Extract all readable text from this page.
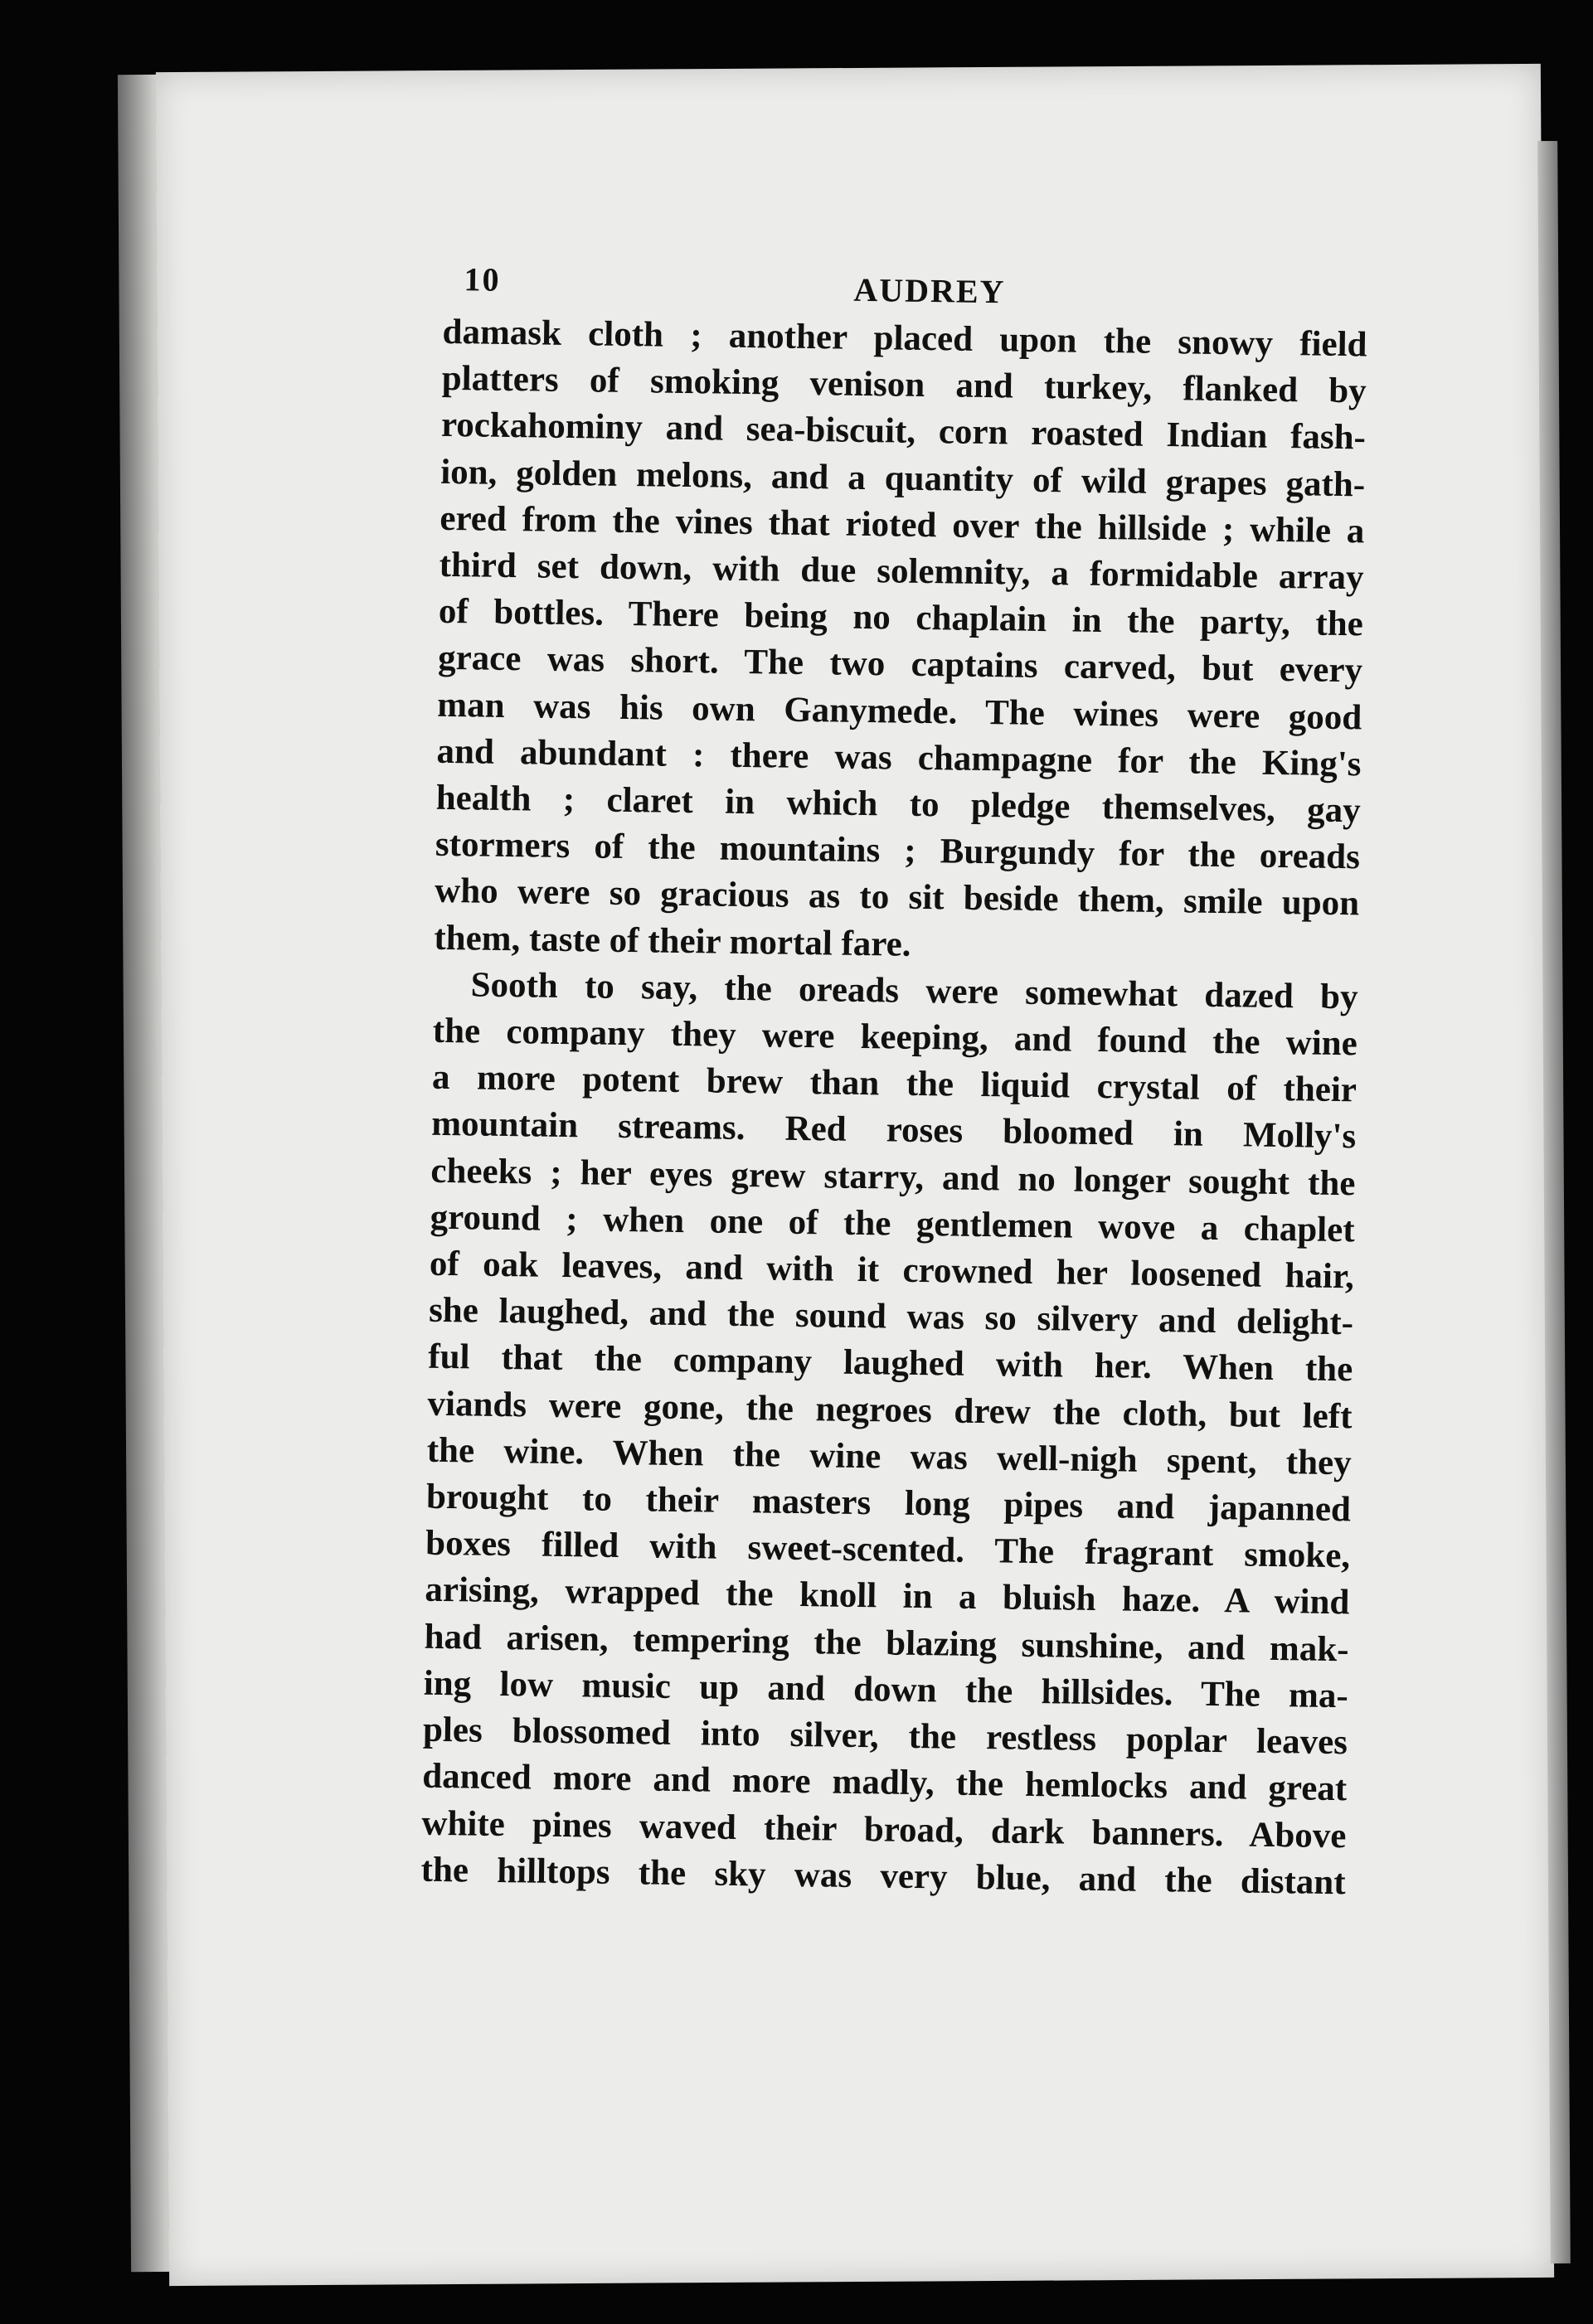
10	AUDREY
damask cloth ; another placed upon the snowy field
platters of smoking venison and turkey, flanked by
rockahominy and sea-biscuit, corn roasted Indian fash-
ion, golden melons, and a quantity of wild grapes gath-
ered from the vines that rioted over the hillside ; while a
third set down, with due solemnity, a formidable array
of bottles. There being no chaplain in the party, the
grace was short. The two captains carved, but every
man was his own Ganymede. The wines were good
and abundant : there was champagne for the King's
health ; claret in which to pledge themselves, gay
stormers of the mountains ; Burgundy for the oreads
who were so gracious as to sit beside them, smile upon
them, taste of their mortal fare.
Sooth to say, the oreads were somewhat dazed by
the company they were keeping, and found the wine
a more potent brew than the liquid crystal of their
mountain streams. Red roses bloomed in Molly's
cheeks ; her eyes grew starry, and no longer sought the
ground ; when one of the gentlemen wove a chaplet
of oak leaves, and with it crowned her loosened hair,
she laughed, and the sound was so silvery and delight-
ful that the company laughed with her. When the
viands were gone, the negroes drew the cloth, but left
the wine. When the wine was well-nigh spent, they
brought to their masters long pipes and japanned
boxes filled with sweet-scented. The fragrant smoke,
arising, wrapped the knoll in a bluish haze. A wind
had arisen, tempering the blazing sunshine, and mak-
ing low music up and down the hillsides. The ma-
ples blossomed into silver, the restless poplar leaves
danced more and more madly, the hemlocks and great
white pines waved their broad, dark banners. Above
the hilltops the sky was very blue, and the distant
